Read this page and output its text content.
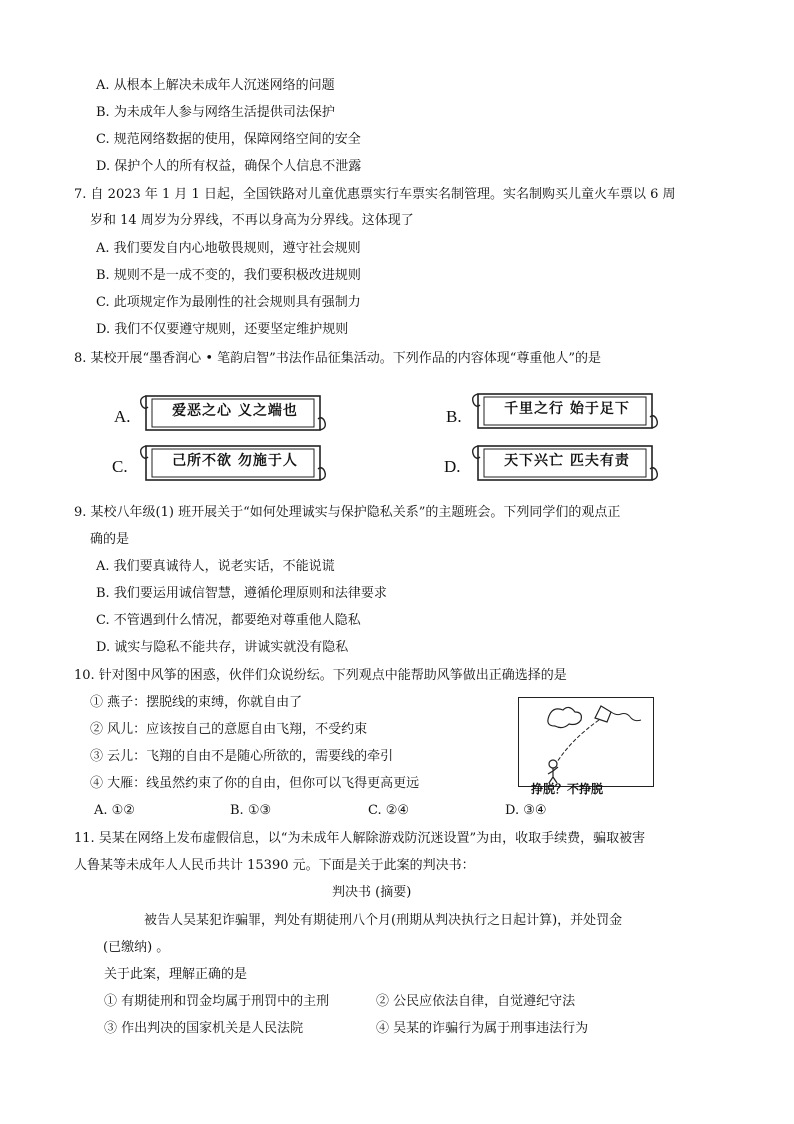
A. 从根本上解决未成年人沉迷网络的问题
B. 为未成年人参与网络生活提供司法保护
C. 规范网络数据的使用，保障网络空间的安全
D. 保护个人的所有权益，确保个人信息不泄露
7. 自 2023 年 1 月 1 日起，全国铁路对儿童优惠票实行车票实名制管理。实名制购买儿童火车票以 6 周
岁和 14 周岁为分界线，不再以身高为分界线。这体现了
A. 我们要发自内心地敬畏规则，遵守社会规则
B. 规则不是一成不变的，我们要积极改进规则
C. 此项规定作为最刚性的社会规则具有强制力
D. 我们不仅要遵守规则，还要坚定维护规则
8. 某校开展“墨香润心 • 笔韵启智”书法作品征集活动。下列作品的内容体现“尊重他人”的是
A.	爱恶之心 义之端也	B.	千里之行 始于足下
C.	己所不欲 勿施于人	D.	天下兴亡 匹夫有责
9. 某校八年级(1) 班开展关于“如何处理诚实与保护隐私关系”的主题班会。下列同学们的观点正
确的是
A. 我们要真诚待人，说老实话，不能说谎
B. 我们要运用诚信智慧，遵循伦理原则和法律要求
C. 不管遇到什么情况，都要绝对尊重他人隐私
D. 诚实与隐私不能共存，讲诚实就没有隐私
10. 针对图中风筝的困惑，伙伴们众说纷纭。下列观点中能帮助风筝做出正确选择的是
① 燕子：摆脱线的束缚，你就自由了
② 风儿：应该按自己的意愿自由飞翔，不受约束
③ 云儿：飞翔的自由不是随心所欲的，需要线的牵引
④ 大雁：线虽然约束了你的自由，但你可以飞得更高更远	挣脱？不挣脱
A. ①②	B. ①③	C. ②④	D. ③④
11. 吴某在网络上发布虚假信息，以“为未成年人解除游戏防沉迷设置”为由，收取手续费，骗取被害
人鲁某等未成年人人民币共计 15390 元。下面是关于此案的判决书：
判决书 (摘要)
被告人吴某犯诈骗罪，判处有期徒刑八个月(刑期从判决执行之日起计算)，并处罚金
(已缴纳) 。
关于此案，理解正确的是
① 有期徒刑和罚金均属于刑罚中的主刑	② 公民应依法自律，自觉遵纪守法
③ 作出判决的国家机关是人民法院	④ 吴某的诈骗行为属于刑事违法行为
